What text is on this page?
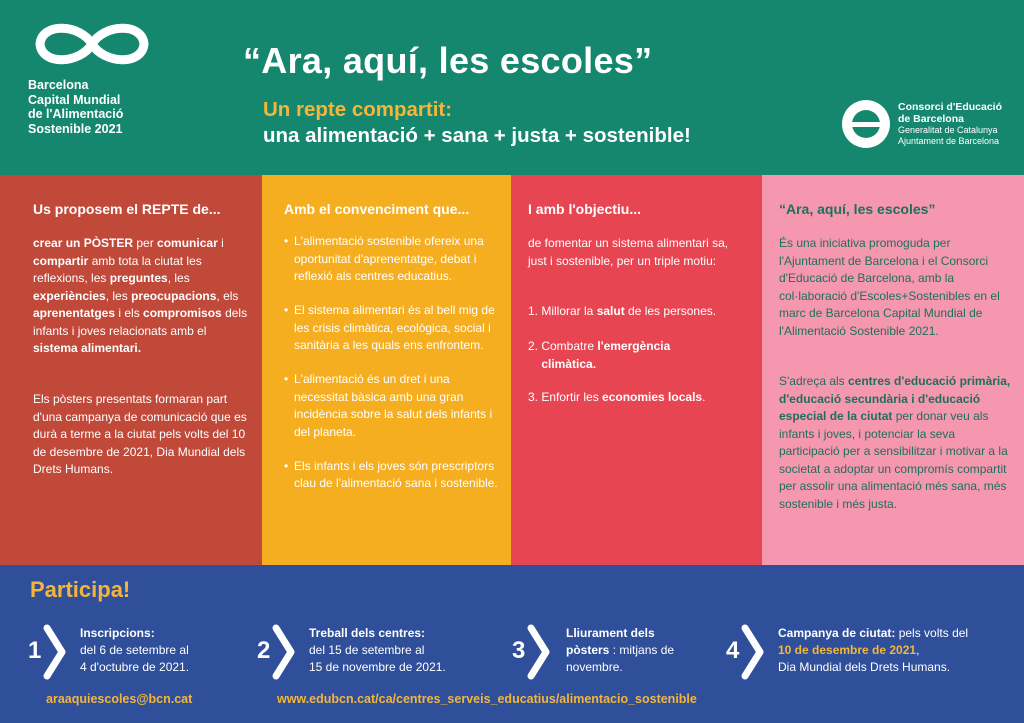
Barcelona
Capital Mundial
de l'Alimentació
Sostenible 2021
“Ara, aquí, les escoles”
Un repte compartit:
una alimentació + sana + justa + sostenible!
Consorci d'Educació
de Barcelona
Generalitat de Catalunya
Ajuntament de Barcelona
Us proposem el REPTE de...
crear un PÒSTER per comunicar i compartir amb tota la ciutat les reflexions, les preguntes, les experiències, les preocupacions, els aprenentatges i els compromisos dels infants i joves relacionats amb el sistema alimentari.
Els pòsters presentats formaran part d'una campanya de comunicació que es durà a terme a la ciutat pels volts del 10 de desembre de 2021, Dia Mundial dels Drets Humans.
Amb el convenciment que...
• L'alimentació sostenible ofereix una oportunitat d'aprenentatge, debat i reflexió als centres educatius.
• El sistema alimentari és al bell mig de les crisis climàtica, ecològica, social i sanitària a les quals ens enfrontem.
• L'alimentació és un dret i una necessitat bàsica amb una gran incidència sobre la salut dels infants i del planeta.
• Els infants i els joves són prescriptors clau de l'alimentació sana i sostenible.
I amb l'objectiu...
de fomentar un sistema alimentari sa, just i sostenible, per un triple motiu:
1. Millorar la salut de les persones.
2. Combatre l'emergència
climàtica.
3. Enfortir les economies locals.
“Ara, aquí, les escoles”
És una iniciativa promoguda per l'Ajuntament de Barcelona i el Consorci d'Educació de Barcelona, amb la col·laboració d'Escoles+Sostenibles en el marc de Barcelona Capital Mundial de l'Alimentació Sostenible 2021.
S'adreça als centres d'educació primària, d'educació secundària i d'educació especial de la ciutat per donar veu als infants i joves, i potenciar la seva participació per a sensibilitzar i motivar a la societat a adoptar un compromís compartit per assolir una alimentació més sana, més sostenible i més justa.
Participa!
1
Inscripcions:
del 6 de setembre al
4 d'octubre de 2021.
2
Treball dels centres:
del 15 de setembre al
15 de novembre de 2021.
3
Lliurament dels
pòsters : mitjans de
novembre.
4
Campanya de ciutat: pels volts del
10 de desembre de 2021,
Dia Mundial dels Drets Humans.
araaquiescoles@bcn.cat	www.edubcn.cat/ca/centres_serveis_educatius/alimentacio_sostenible
